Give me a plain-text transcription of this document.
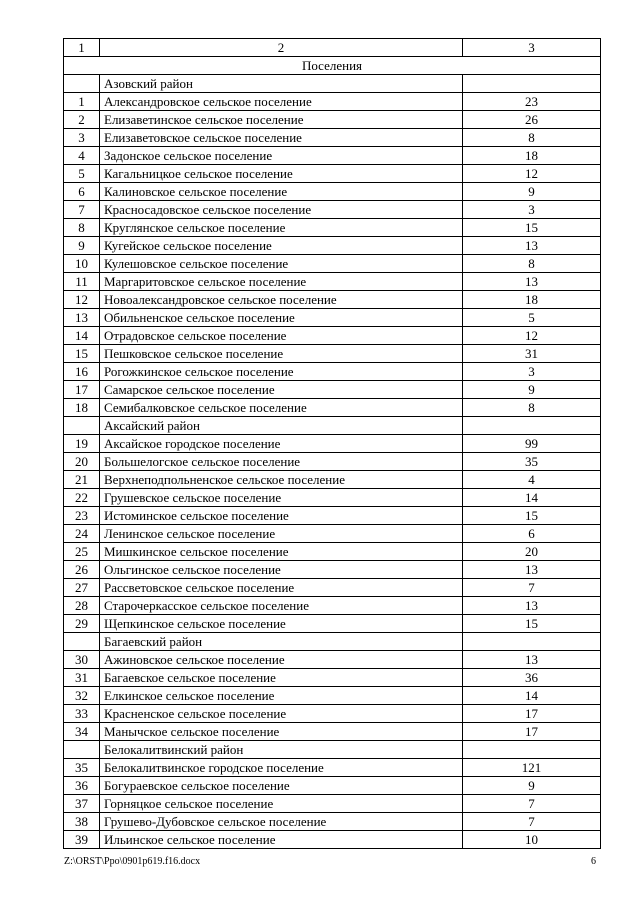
1	2	3
Поселения		
	Азовский район	
1	Александровское сельское поселение	23
2	Елизаветинское сельское поселение	26
3	Елизаветовское сельское поселение	8
4	Задонское сельское поселение	18
5	Кагальницкое сельское поселение	12
6	Калиновское сельское поселение	9
7	Красносадовское сельское поселение	3
8	Круглянское сельское поселение	15
9	Кугейское сельское поселение	13
10	Кулешовское сельское поселение	8
11	Маргаритовское сельское поселение	13
12	Новоалександровское сельское поселение	18
13	Обильненское сельское поселение	5
14	Отрадовское сельское поселение	12
15	Пешковское сельское поселение	31
16	Рогожкинское сельское поселение	3
17	Самарское сельское поселение	9
18	Семибалковское сельское поселение	8
	Аксайский район	
19	Аксайское городское поселение	99
20	Большелогское сельское поселение	35
21	Верхнеподпольненское сельское поселение	4
22	Грушевское сельское поселение	14
23	Истоминское сельское поселение	15
24	Ленинское сельское поселение	6
25	Мишкинское сельское поселение	20
26	Ольгинское сельское поселение	13
27	Рассветовское сельское поселение	7
28	Старочеркасское сельское поселение	13
29	Щепкинское сельское поселение	15
	Багаевский район	
30	Ажиновское сельское поселение	13
31	Багаевское сельское поселение	36
32	Елкинское сельское поселение	14
33	Красненское сельское поселение	17
34	Манычское сельское поселение	17
	Белокалитвинский район	
35	Белокалитвинское городское поселение	121
36	Богураевское сельское поселение	9
37	Горняцкое сельское поселение	7
38	Грушево-Дубовское сельское поселение	7
39	Ильинское сельское поселение	10
Z:\ORST\Ppo\0901p619.f16.docx	6
